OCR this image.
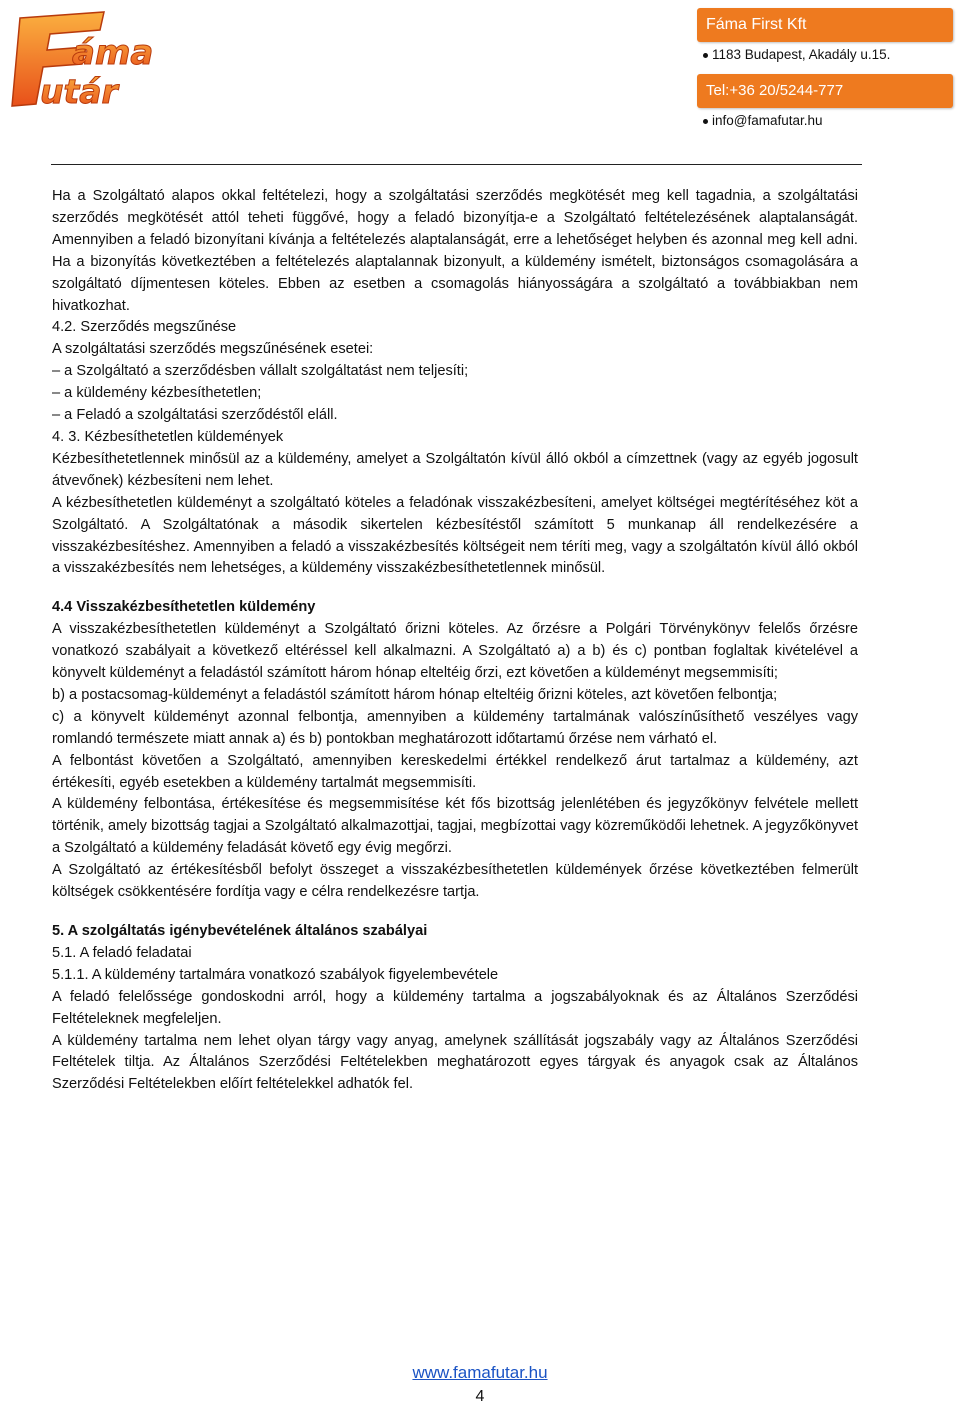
áma
utár
Fáma First Kft
1183 Budapest, Akadály u.15.
Tel:+36 20/5244-777
info@famafutar.hu

Ha a Szolgáltató alapos okkal feltételezi, hogy a szolgáltatási szerződés megkötését meg kell tagadnia, a szolgáltatási szerződés megkötését attól teheti függővé, hogy a feladó bizonyítja-e a Szolgáltató feltételezésének alaptalanságát. Amennyiben a feladó bizonyítani kívánja a feltételezés alaptalanságát, erre a lehetőséget helyben és azonnal meg kell adni. Ha a bizonyítás következtében a feltételezés alaptalannak bizonyult, a küldemény ismételt, biztonságos csomagolására a szolgáltató díjmentesen köteles. Ebben az esetben a csomagolás hiányosságára a szolgáltató a továbbiakban nem hivatkozhat.

4.2. Szerződés megszűnése

A szolgáltatási szerződés megszűnésének esetei:

– a Szolgáltató a szerződésben vállalt szolgáltatást nem teljesíti;

– a küldemény kézbesíthetetlen;

– a Feladó a szolgáltatási szerződéstől eláll.

4. 3. Kézbesíthetetlen küldemények

Kézbesíthetetlennek minősül az a küldemény, amelyet a Szolgáltatón kívül álló okból a címzettnek (vagy az egyéb jogosult átvevőnek) kézbesíteni nem lehet.

A kézbesíthetetlen küldeményt a szolgáltató köteles a feladónak visszakézbesíteni, amelyet költségei megtérítéséhez köt a Szolgáltató. A Szolgáltatónak a második sikertelen kézbesítéstől számított 5 munkanap áll rendelkezésére a visszakézbesítéshez. Amennyiben a feladó a visszakézbesítés költségeit nem téríti meg, vagy a szolgáltatón kívül álló okból a visszakézbesítés nem lehetséges, a küldemény visszakézbesíthetetlennek minősül.

4.4 Visszakézbesíthetetlen küldemény

A visszakézbesíthetetlen küldeményt a Szolgáltató őrizni köteles. Az őrzésre a Polgári Törvénykönyv felelős őrzésre vonatkozó szabályait a következő eltéréssel kell alkalmazni. A Szolgáltató a) a b) és c) pontban foglaltak kivételével a könyvelt küldeményt a feladástól számított három hónap elteltéig őrzi, ezt követően a küldeményt megsemmisíti;

b) a postacsomag-küldeményt a feladástól számított három hónap elteltéig őrizni köteles, azt követően felbontja;

c) a könyvelt küldeményt azonnal felbontja, amennyiben a küldemény tartalmának valószínűsíthető veszélyes vagy romlandó természete miatt annak a) és b) pontokban meghatározott időtartamú őrzése nem várható el.

A felbontást követően a Szolgáltató, amennyiben kereskedelmi értékkel rendelkező árut tartalmaz a küldemény, azt értékesíti, egyéb esetekben a küldemény tartalmát megsemmisíti.

A küldemény felbontása, értékesítése és megsemmisítése két fős bizottság jelenlétében és jegyzőkönyv felvétele mellett történik, amely bizottság tagjai a Szolgáltató alkalmazottjai, tagjai, megbízottai vagy közreműködői lehetnek. A jegyzőkönyvet a Szolgáltató a küldemény feladását követő egy évig megőrzi.

A Szolgáltató az értékesítésből befolyt összeget a visszakézbesíthetetlen küldemények őrzése következtében felmerült költségek csökkentésére fordítja vagy e célra rendelkezésre tartja.

5. A szolgáltatás igénybevételének általános szabályai

5.1. A feladó feladatai

5.1.1. A küldemény tartalmára vonatkozó szabályok figyelembevétele

A feladó felelőssége gondoskodni arról, hogy a küldemény tartalma a jogszabályoknak és az Általános Szerződési Feltételeknek megfeleljen.

A küldemény tartalma nem lehet olyan tárgy vagy anyag, amelynek szállítását jogszabály vagy az Általános Szerződési Feltételek tiltja. Az Általános Szerződési Feltételekben meghatározott egyes tárgyak és anyagok csak az Általános Szerződési Feltételekben előírt feltételekkel adhatók fel.

www.famafutar.hu
4
